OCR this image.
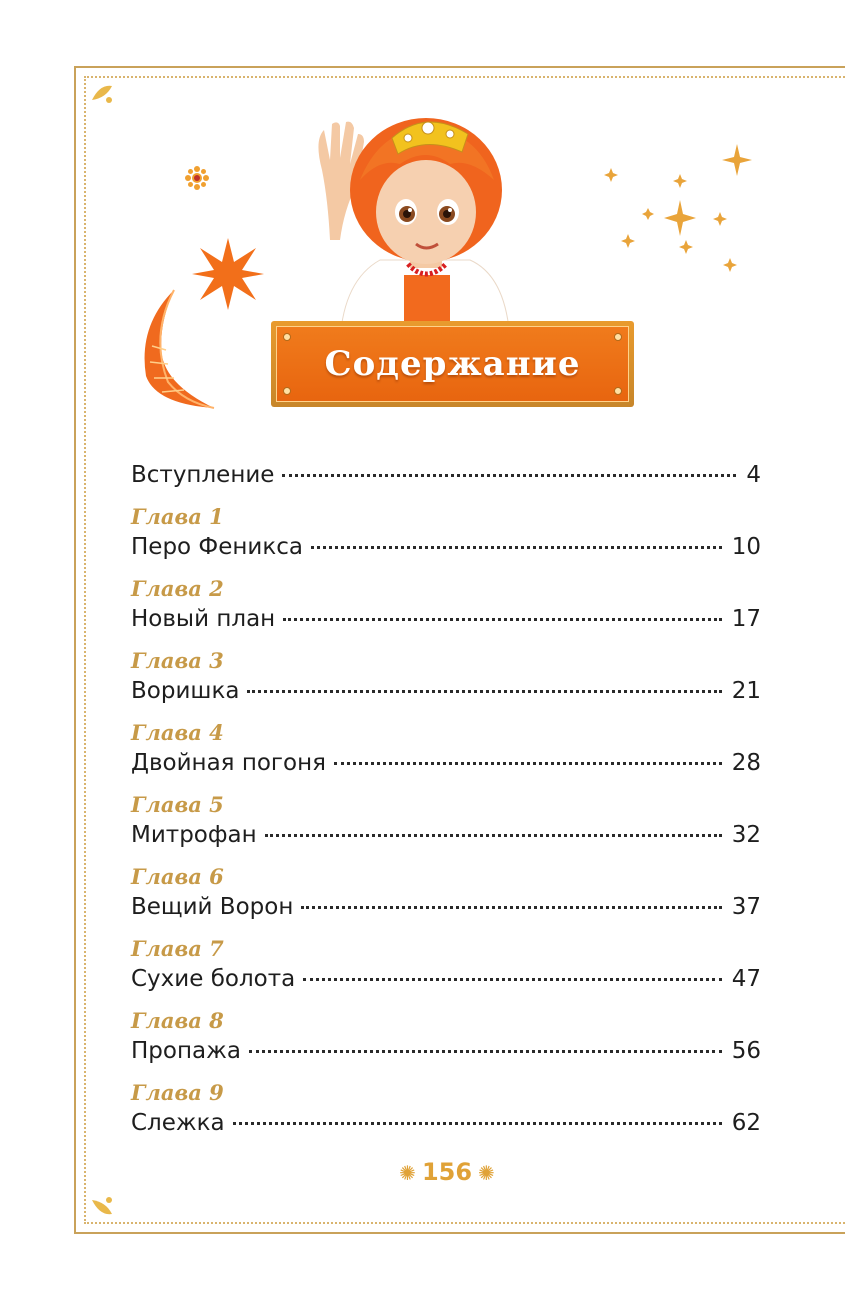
Содержание
Вступление	4
Глава 1
Перо Феникса	10
Глава 2
Новый план	17
Глава 3
Воришка	21
Глава 4
Двойная погоня	28
Глава 5
Митрофан	32
Глава 6
Вещий Ворон	37
Глава 7
Сухие болота	47
Глава 8
Пропажа	56
Глава 9
Слежка	62
✺ 156 ✺
